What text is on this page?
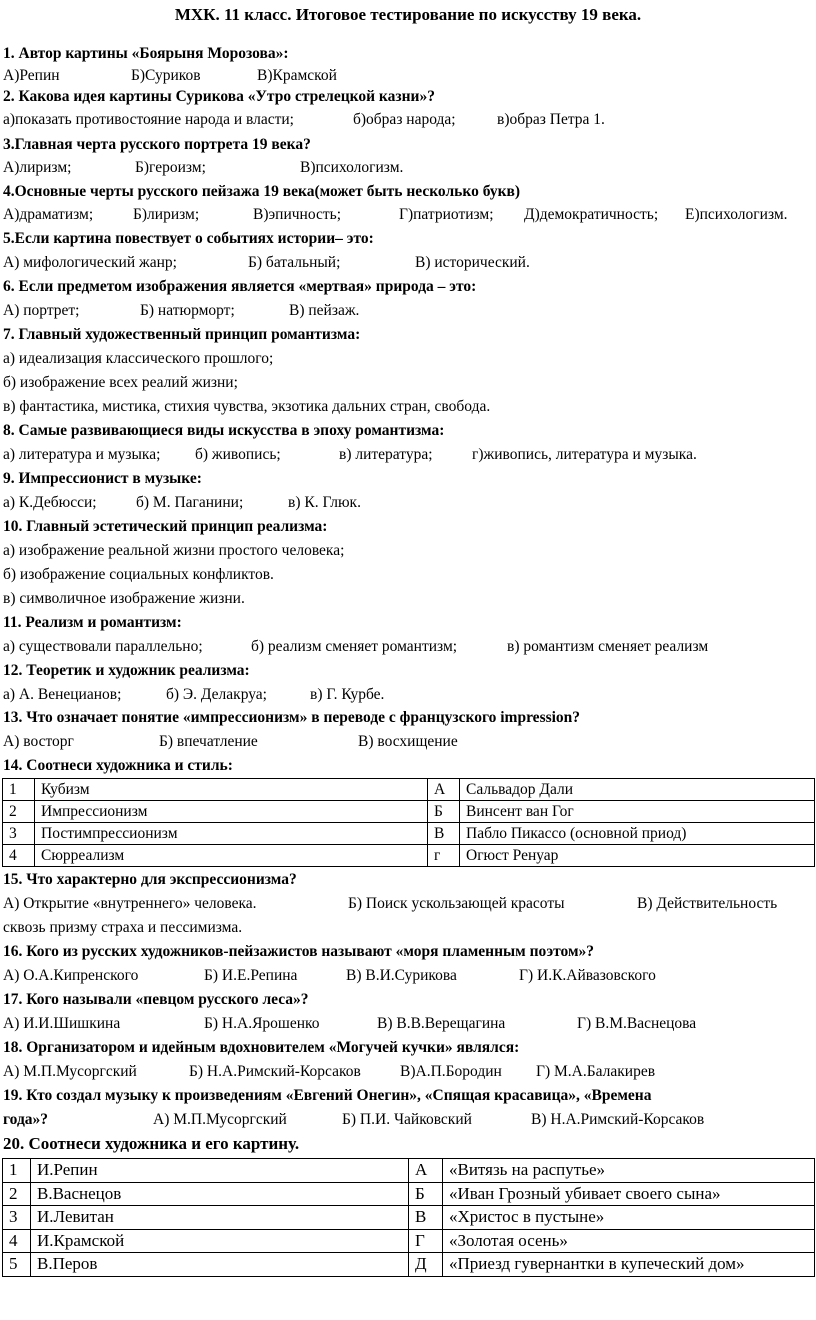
МХК. 11 класс. Итоговое тестирование по искусству 19 века.
1. Автор картины «Боярыня Морозова»:
А)Репин	Б)Суриков	В)Крамской
2. Какова идея картины Сурикова «Утро стрелецкой казни»?
а)показать противостояние народа и власти;	б)образ народа;	в)образ Петра 1.
3.Главная черта русского портрета 19 века?
А)лиризм;	Б)героизм;	В)психологизм.
4.Основные черты русского пейзажа 19 века(может быть несколько букв)
А)драматизм;	Б)лиризм;	В)эпичность;	Г)патриотизм; Д)демократичность; Е)психологизм.
5.Если картина повествует о событиях истории– это:
А) мифологический жанр;	Б) батальный;	В) исторический.
6. Если предметом изображения является «мертвая» природа – это:
А) портрет;	Б) натюрморт;	В) пейзаж.
7. Главный художественный принцип романтизма:
а) идеализация классического прошлого;
б) изображение всех реалий жизни;
в) фантастика, мистика, стихия чувства, экзотика дальних стран, свобода.
8. Самые развивающиеся виды искусства в эпоху романтизма:
а) литература и музыка; б) живопись;	в) литература;	г)живопись, литература и музыка.
9. Импрессионист в музыке:
а) К.Дебюсси;	б) М. Паганини;	в) К. Глюк.
10. Главный эстетический принцип реализма:
а) изображение реальной жизни простого человека;
б) изображение социальных конфликтов.
в) символичное изображение жизни.
11. Реализм и романтизм:
а) существовали параллельно;	б) реализм сменяет романтизм;	в) романтизм сменяет реализм
12. Теоретик и художник реализма:
а) А. Венецианов;	б) Э. Делакруа;	в) Г. Курбе.
13. Что означает понятие «импрессионизм» в переводе с французского impression?
А) восторг	Б) впечатление	В) восхищение
14. Соотнеси художника и стиль:
1	Кубизм	А	Сальвадор Дали
2	Импрессионизм	Б	Винсент ван Гог
3	Постимпрессионизм	В	Пабло Пикассо (основной приод)
4	Сюрреализм	г	Огюст Ренуар
15. Что характерно для экспрессионизма?
А) Открытие «внутреннего» человека.	Б) Поиск ускользающей красоты	В) Действительность
сквозь призму страха и пессимизма.
16. Кого из русских художников-пейзажистов называют «моря пламенным поэтом»?
А) О.А.Кипренского	Б) И.Е.Репина	В) В.И.Сурикова	Г) И.К.Айвазовского
17. Кого называли «певцом русского леса»?
А) И.И.Шишкина	Б) Н.А.Ярошенко	В) В.В.Верещагина	Г) В.М.Васнецова
18. Организатором и идейным вдохновителем «Могучей кучки» являлся:
А) М.П.Мусоргский	Б) Н.А.Римский-Корсаков	В)А.П.Бородин Г) М.А.Балакирев
19. Кто создал музыку к произведениям «Евгений Онегин», «Спящая красавица», «Времена
года»?	А) М.П.Мусоргский	Б) П.И. Чайковский	В) Н.А.Римский-Корсаков
20. Соотнеси художника и его картину.
1	И.Репин	А	«Витязь на распутье»
2	В.Васнецов	Б	«Иван Грозный убивает своего сына»
3	И.Левитан	В	«Христос в пустыне»
4	И.Крамской	Г	«Золотая осень»
5	В.Перов	Д	«Приезд гувернантки в купеческий дом»
